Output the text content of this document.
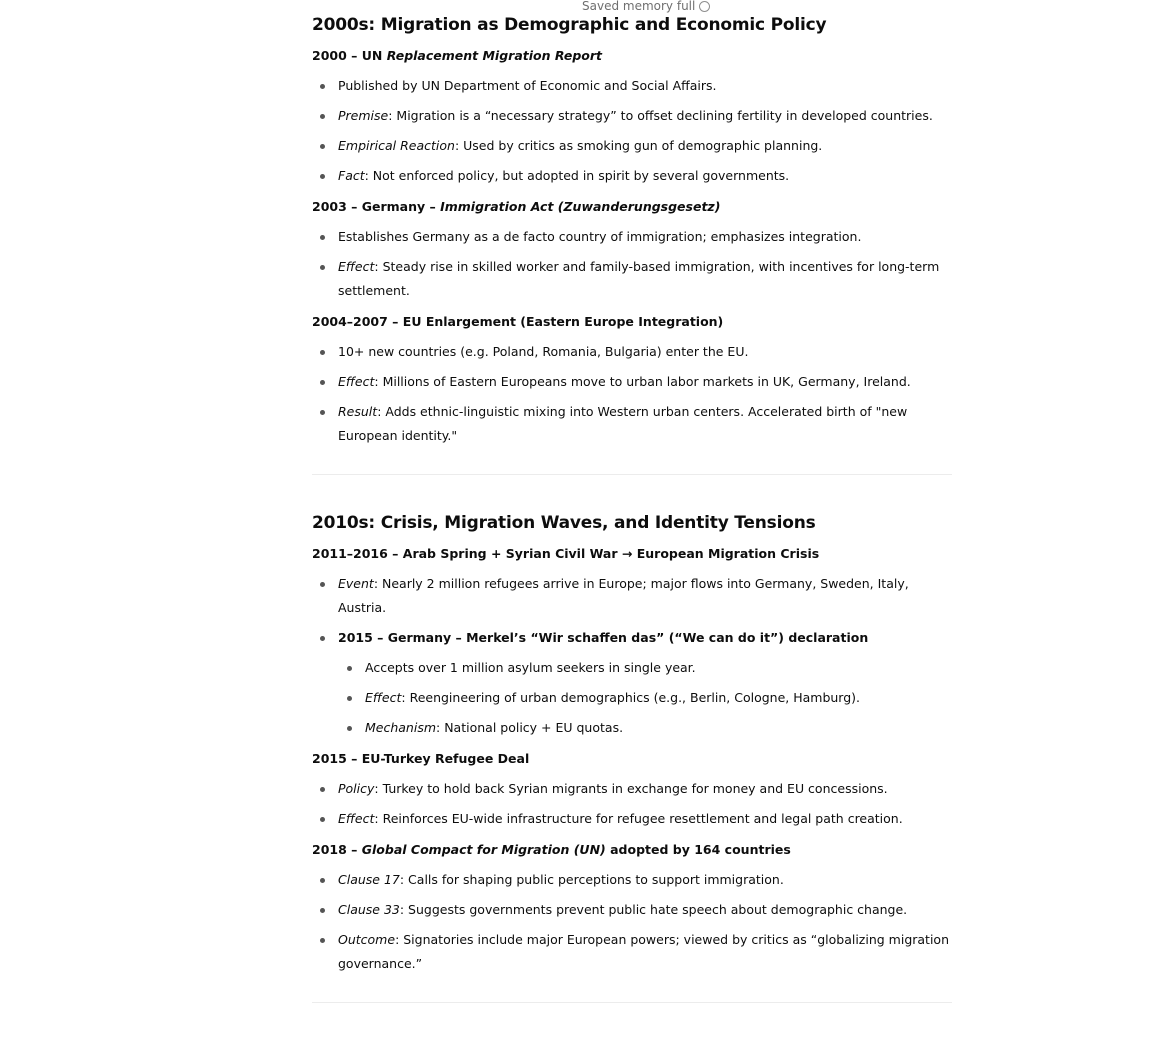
Saved memory full
2000s: Migration as Demographic and Economic Policy
2000 – UN Replacement Migration Report
Published by UN Department of Economic and Social Affairs.
Premise: Migration is a “necessary strategy” to offset declining fertility in developed countries.
Empirical Reaction: Used by critics as smoking gun of demographic planning.
Fact: Not enforced policy, but adopted in spirit by several governments.
2003 – Germany – Immigration Act (Zuwanderungsgesetz)
Establishes Germany as a de facto country of immigration; emphasizes integration.
Effect: Steady rise in skilled worker and family-based immigration, with incentives for long-term settlement.
2004–2007 – EU Enlargement (Eastern Europe Integration)
10+ new countries (e.g. Poland, Romania, Bulgaria) enter the EU.
Effect: Millions of Eastern Europeans move to urban labor markets in UK, Germany, Ireland.
Result: Adds ethnic-linguistic mixing into Western urban centers. Accelerated birth of "new European identity."
2010s: Crisis, Migration Waves, and Identity Tensions
2011–2016 – Arab Spring + Syrian Civil War → European Migration Crisis
Event: Nearly 2 million refugees arrive in Europe; major flows into Germany, Sweden, Italy, Austria.
2015 – Germany – Merkel’s “Wir schaffen das” (“We can do it”) declaration
Accepts over 1 million asylum seekers in single year.
Effect: Reengineering of urban demographics (e.g., Berlin, Cologne, Hamburg).
Mechanism: National policy + EU quotas.
2015 – EU-Turkey Refugee Deal
Policy: Turkey to hold back Syrian migrants in exchange for money and EU concessions.
Effect: Reinforces EU-wide infrastructure for refugee resettlement and legal path creation.
2018 – Global Compact for Migration (UN) adopted by 164 countries
Clause 17: Calls for shaping public perceptions to support immigration.
Clause 33: Suggests governments prevent public hate speech about demographic change.
Outcome: Signatories include major European powers; viewed by critics as “globalizing migration governance.”
